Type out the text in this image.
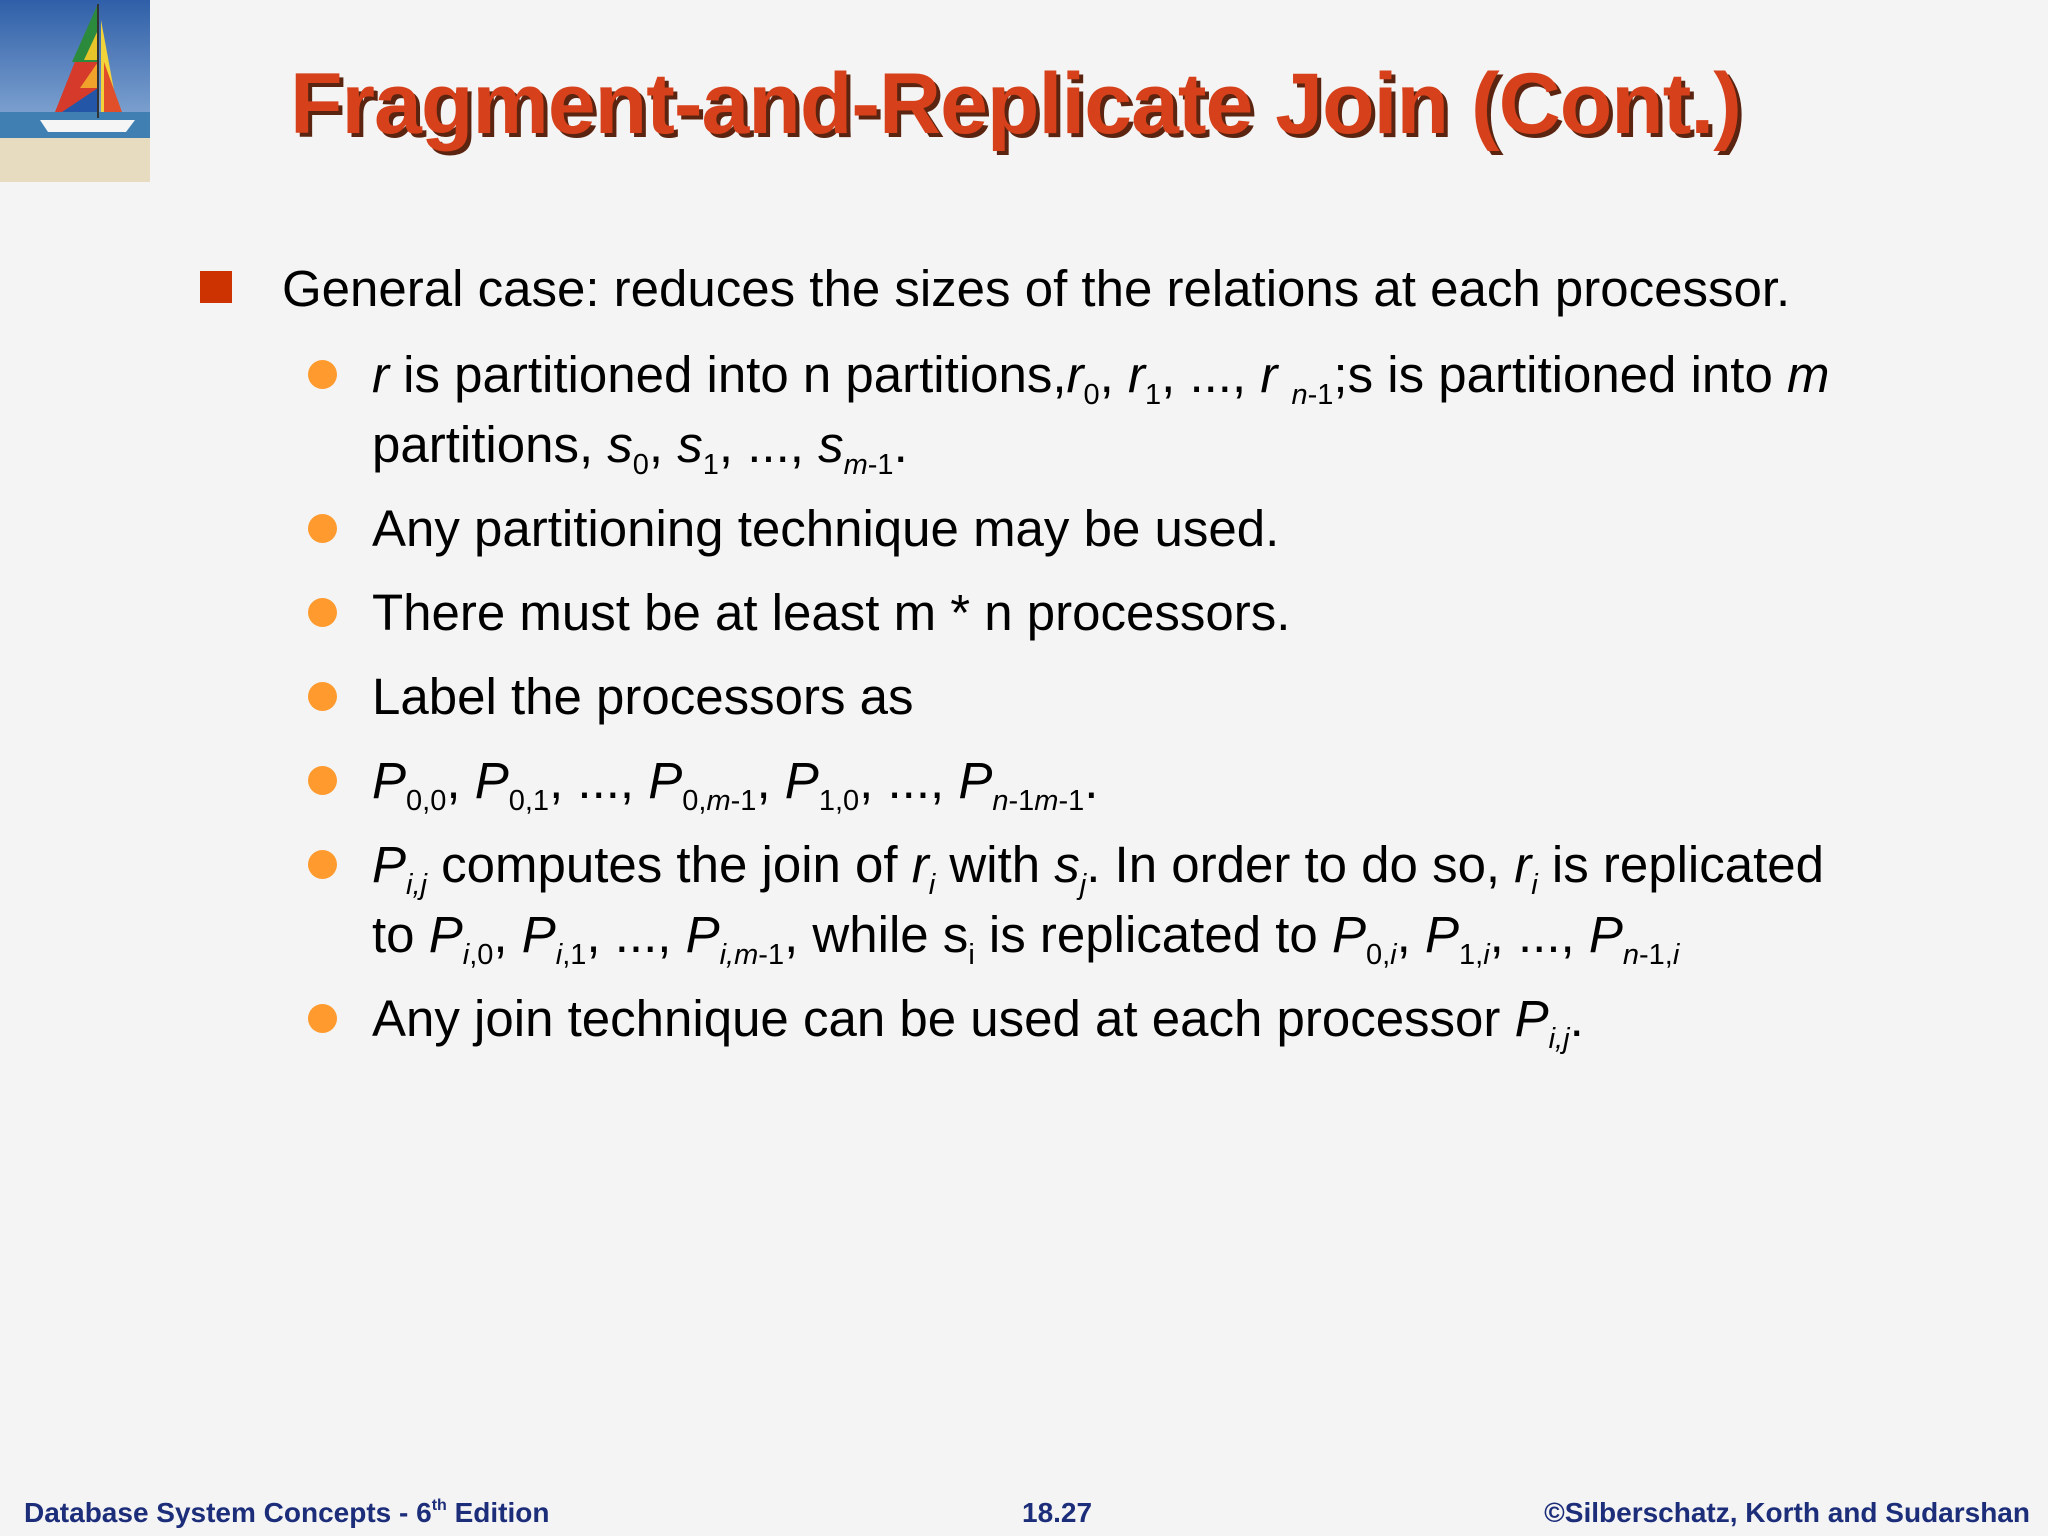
Fragment-and-Replicate Join (Cont.)
General case: reduces the sizes of the relations at each processor.
r is partitioned into n $partitions,r_0$, $r_1$, ..., r $_{n-1}$;s is partitioned into m
partitions, $s_0$, $s_1$, ..., $s_{m-1}$.
Any partitioning technique may be used.
There must be at least m * n processors.
Label the processors as
$P_{0,0}$, $P_{0,1}$, ..., $P_{0,m-1}$, $P_{1,0}$, ..., $P_{n-1m-1}$.
$P_{i,j}$ computes the join of $r_i$ with $s_j$. In order to do so, $r_i$ is replicated
to $P_{i,0}$, $P_{i,1}$, ..., $P_{i,m-1}$, while $s_i$ is replicated to $P_{0,i}$, $P_{1,i}$, ..., $P_{n-1,i}$
Any join technique can be used at each processor $P_{i,j}$.
Database System Concepts - 6th Edition	18.27	©Silberschatz, Korth and Sudarshan
